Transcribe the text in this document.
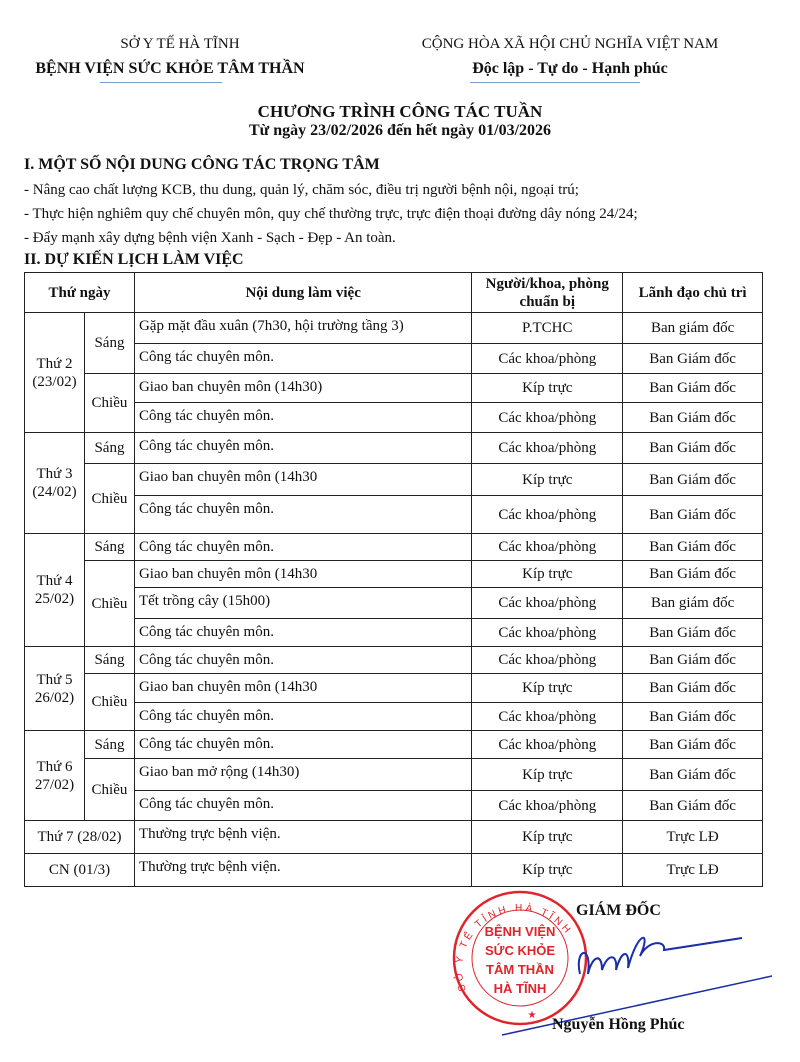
SỞ Y TẾ HÀ TĨNH
BỆNH VIỆN SỨC KHỎE TÂM THẦN
CỘNG HÒA XÃ HỘI CHỦ NGHĨA VIỆT NAM
Độc lập - Tự do - Hạnh phúc
CHƯƠNG TRÌNH CÔNG TÁC TUẦN
Từ ngày 23/02/2026 đến hết ngày 01/03/2026
I. MỘT SỐ NỘI DUNG CÔNG TÁC TRỌNG TÂM
- Nâng cao chất lượng KCB, thu dung, quản lý, chăm sóc, điều trị người bệnh nội, ngoại trú;
- Thực hiện nghiêm quy chế chuyên môn, quy chế thường trực, trực điện thoại đường dây nóng 24/24;
- Đẩy mạnh xây dựng bệnh viện Xanh - Sạch - Đẹp - An toàn.
II. DỰ KIẾN LỊCH LÀM VIỆC
Thứ ngày		Nội dung làm việc	Người/khoa, phòng chuẩn bị	Lãnh đạo chủ trì
Thứ 2 (23/02)	Sáng	Gặp mặt đầu xuân (7h30, hội trường tầng 3)	P.TCHC	Ban giám đốc
		Công tác chuyên môn.	Các khoa/phòng	Ban Giám đốc
	Chiều	Giao ban chuyên môn (14h30)	Kíp trực	Ban Giám đốc
		Công tác chuyên môn.	Các khoa/phòng	Ban Giám đốc
Thứ 3 (24/02)	Sáng	Công tác chuyên môn.	Các khoa/phòng	Ban Giám đốc
	Chiều	Giao ban chuyên môn (14h30	Kíp trực	Ban Giám đốc
		Công tác chuyên môn.	Các khoa/phòng	Ban Giám đốc
Thứ 4 25/02)	Sáng	Công tác chuyên môn.	Các khoa/phòng	Ban Giám đốc
	Chiều	Giao ban chuyên môn (14h30	Kíp trực	Ban Giám đốc
		Tết trồng cây (15h00)	Các khoa/phòng	Ban giám đốc
		Công tác chuyên môn.	Các khoa/phòng	Ban Giám đốc
Thứ 5 26/02)	Sáng	Công tác chuyên môn.	Các khoa/phòng	Ban Giám đốc
	Chiều	Giao ban chuyên môn (14h30	Kíp trực	Ban Giám đốc
		Công tác chuyên môn.	Các khoa/phòng	Ban Giám đốc
Thứ 6 27/02)	Sáng	Công tác chuyên môn.	Các khoa/phòng	Ban Giám đốc
	Chiều	Giao ban mở rộng (14h30)	Kíp trực	Ban Giám đốc
		Công tác chuyên môn.	Các khoa/phòng	Ban Giám đốc
Thứ 7 (28/02)		Thường trực bệnh viện.	Kíp trực	Trực LĐ
CN (01/3)		Thường trực bệnh viện.	Kíp trực	Trực LĐ
SỞ Y TẾ TỈNH HÀ TĨNH
BỆNH VIỆN
SỨC KHỎE
TÂM THẦN
HÀ TĨNH
★
GIÁM ĐỐC
Nguyễn Hồng Phúc
